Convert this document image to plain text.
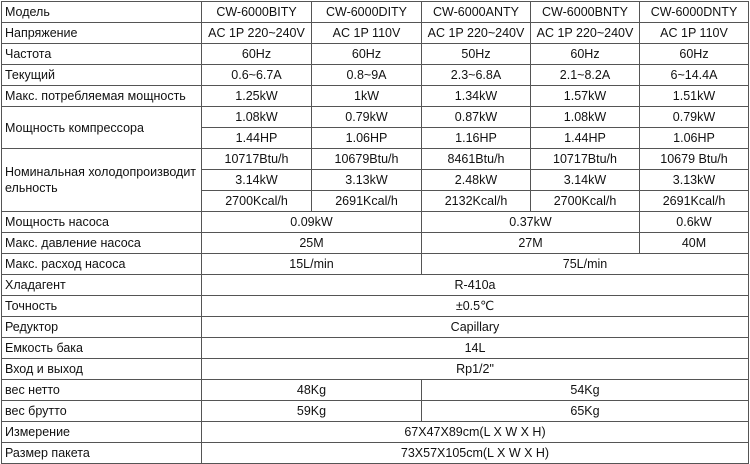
Модель	CW-6000BITY	CW-6000DITY	CW-6000ANTY	CW-6000BNTY	CW-6000DNTY
Напряжение	AC 1P 220~240V	AC 1P 110V	AC 1P 220~240V	AC 1P 220~240V	AC 1P 110V
Частота	60Hz	60Hz	50Hz	60Hz	60Hz
Текущий	0.6~6.7A	0.8~9A	2.3~6.8A	2.1~8.2A	6~14.4A
Макс. потребляемая мощность	1.25kW	1kW	1.34kW	1.57kW	1.51kW
Мощность компрессора	1.08kW	0.79kW	0.87kW	1.08kW	0.79kW
	1.44HP	1.06HP	1.16HP	1.44HP	1.06HP
Номинальная холодопроизводительность	10717Btu/h	10679Btu/h	8461Btu/h	10717Btu/h	10679 Btu/h
	3.14kW	3.13kW	2.48kW	3.14kW	3.13kW
	2700Kcal/h	2691Kcal/h	2132Kcal/h	2700Kcal/h	2691Kcal/h
Мощность насоса	0.09kW		0.37kW		0.6kW
Макс. давление насоса	25M		27M		40M
Макс. расход насоса	15L/min		75L/min		
Хладагент	R-410a				
Точность	±0.5℃				
Редуктор	Capillary				
Емкость бака	14L				
Вход и выход	Rp1/2"				
вес нетто	48Kg		54Kg		
вес брутто	59Kg		65Kg		
Измерение	67X47X89cm(L X W X H)				
Размер пакета	73X57X105cm(L X W X H)				
